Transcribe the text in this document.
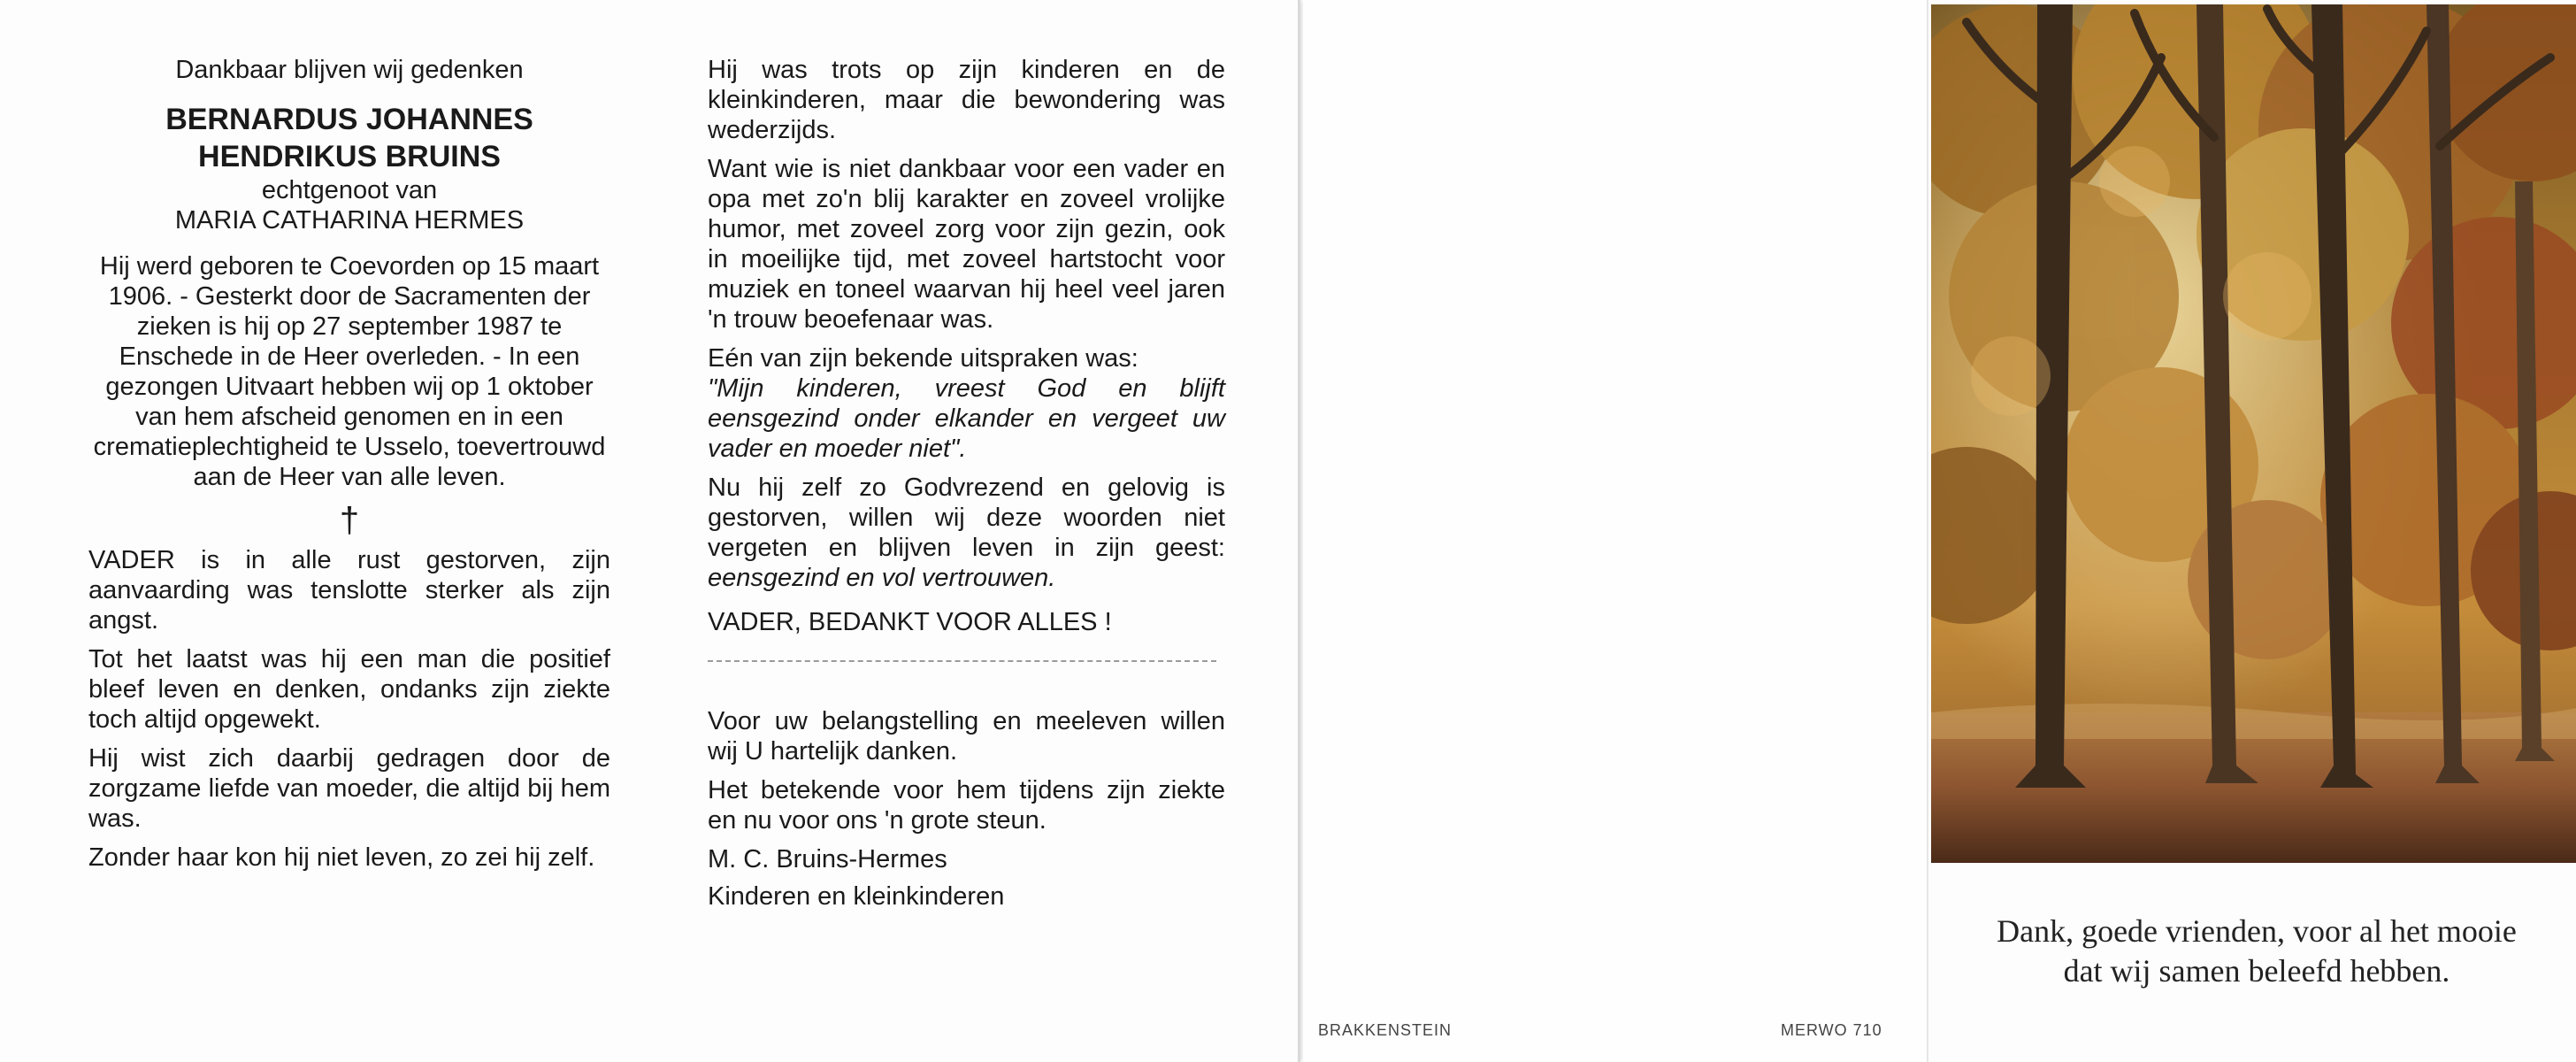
Dankbaar blijven wij gedenken
BERNARDUS JOHANNES
HENDRIKUS BRUINS
echtgenoot van
MARIA CATHARINA HERMES

Hij werd geboren te Coevorden op 15 maart 1906. - Gesterkt door de Sacramenten der zieken is hij op 27 september 1987 te Enschede in de Heer overleden. - In een gezongen Uitvaart hebben wij op 1 oktober van hem afscheid genomen en in een crematieplechtigheid te Usselo, toevertrouwd aan de Heer van alle leven.

†

VADER is in alle rust gestorven, zijn aanvaarding was tenslotte sterker als zijn angst.

Tot het laatst was hij een man die positief bleef leven en denken, ondanks zijn ziekte toch altijd opgewekt.

Hij wist zich daarbij gedragen door de zorgzame liefde van moeder, die altijd bij hem was.

Zonder haar kon hij niet leven, zo zei hij zelf.

Hij was trots op zijn kinderen en de kleinkinderen, maar die bewondering was wederzijds.

Want wie is niet dankbaar voor een vader en opa met zo'n blij karakter en zoveel vrolijke humor, met zoveel zorg voor zijn gezin, ook in moeilijke tijd, met zoveel hartstocht voor muziek en toneel waarvan hij heel veel jaren 'n trouw beoefenaar was.

Eén van zijn bekende uitspraken was:

"Mijn kinderen, vreest God en blijft eensgezind onder elkander en vergeet uw vader en moeder niet".

Nu hij zelf zo Godvrezend en gelovig is gestorven, willen wij deze woorden niet vergeten en blijven leven in zijn geest: eensgezind en vol vertrouwen.

VADER, BEDANKT VOOR ALLES !

Voor uw belangstelling en meeleven willen wij U hartelijk danken.

Het betekende voor hem tijdens zijn ziekte en nu voor ons 'n grote steun.

M. C. Bruins-Hermes
Kinderen en kleinkinderen
BRAKKENSTEIN	MERWO 710
Dank, goede vrienden, voor al het mooie
dat wij samen beleefd hebben.
